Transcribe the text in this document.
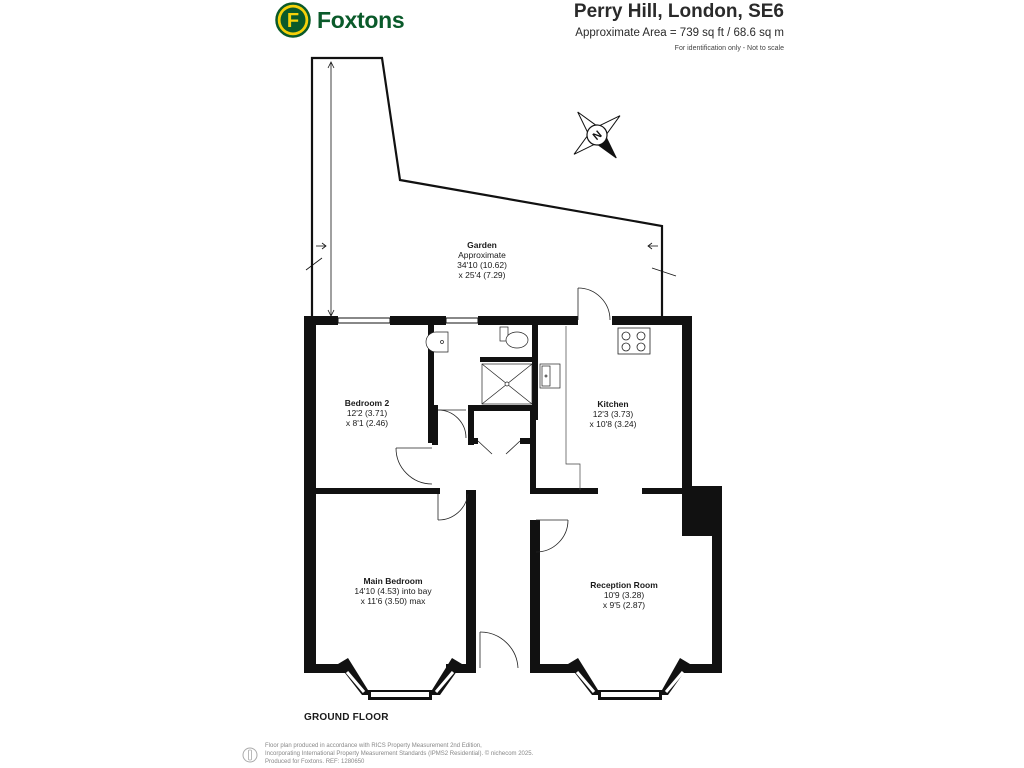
F Foxtons	Perry Hill, London, SE6
Approximate Area = 739 sq ft / 68.6 sq m
For identification only - Not to scale
N
Garden
Approximate
34'10 (10.62)
x 25'4 (7.29)
Bedroom 2
12'2 (3.71)
x 8'1 (2.46)
Kitchen
12'3 (3.73)
x 10'8 (3.24)
Main Bedroom
14'10 (4.53) into bay
x 11'6 (3.50) max
Reception Room
10'9 (3.28)
x 9'5 (2.87)
GROUND FLOOR
Floor plan produced in accordance with RICS Property Measurement 2nd Edition,
Incorporating International Property Measurement Standards (IPMS2 Residential). © nichecom 2025.
Produced for Foxtons. REF: 1280650
